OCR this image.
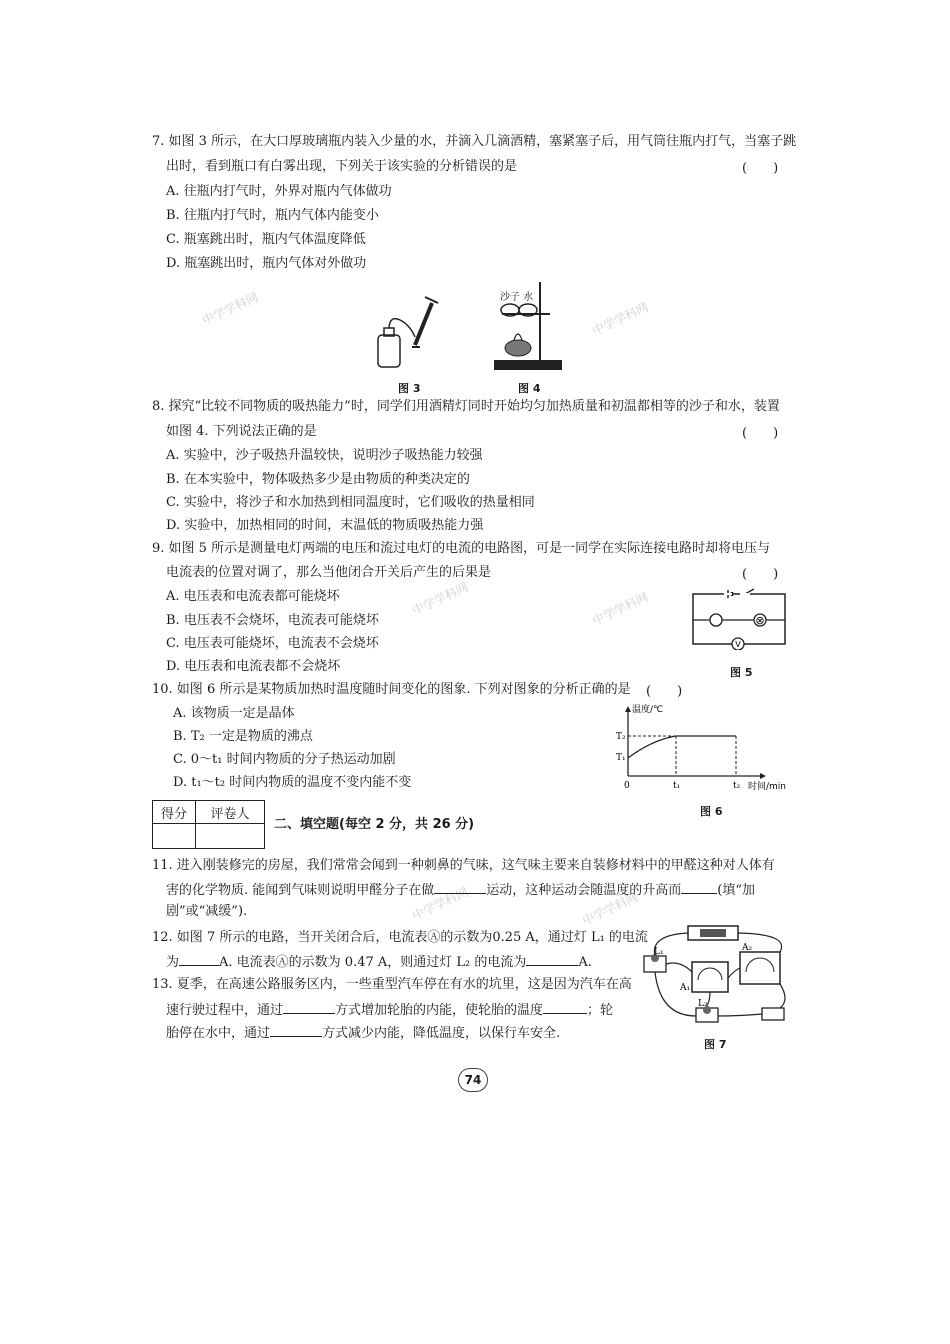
中学学科网	中学学科网
中学学科网	中学学科网
中学学科网	中学学科网
7. 如图 3 所示，在大口厚玻璃瓶内装入少量的水，并滴入几滴酒精，塞紧塞子后，用气筒往瓶内打气，当塞子跳
出时，看到瓶口有白雾出现，下列关于该实验的分析错误的是	(　　)
A. 往瓶内打气时，外界对瓶内气体做功
B. 往瓶内打气时，瓶内气体内能变小
C. 瓶塞跳出时，瓶内气体温度降低
D. 瓶塞跳出时，瓶内气体对外做功
图 3
沙子 水
图 4
8. 探究“比较不同物质的吸热能力”时，同学们用酒精灯同时开始均匀加热质量和初温都相等的沙子和水，装置
如图 4. 下列说法正确的是	(　　)
A. 实验中，沙子吸热升温较快，说明沙子吸热能力较强
B. 在本实验中，物体吸热多少是由物质的种类决定的
C. 实验中，将沙子和水加热到相同温度时，它们吸收的热量相同
D. 实验中，加热相同的时间，末温低的物质吸热能力强
9. 如图 5 所示是测量电灯两端的电压和流过电灯的电流的电路图，可是一同学在实际连接电路时却将电压与
电流表的位置对调了，那么当他闭合开关后产生的后果是	(　　)
A. 电压表和电流表都可能烧坏
B. 电压表不会烧坏，电流表可能烧坏
C. 电压表可能烧坏，电流表不会烧坏
D. 电压表和电流表都不会烧坏
⊗
V
图 5
10. 如图 6 所示是某物质加热时温度随时间变化的图象. 下列对图象的分析正确的是 (　　)
A. 该物质一定是晶体
B. T₂ 一定是物质的沸点
C. 0～t₁ 时间内物质的分子热运动加剧
D. t₁～t₂ 时间内物质的温度不变内能不变
温度/℃
时间/min
T₂
T₁
0	t₁	t₂
图 6
得分	评卷人

二、填空题(每空 2 分，共 26 分)
11. 进入刚装修完的房屋，我们常常会闻到一种刺鼻的气味，这气味主要来自装修材料中的甲醛这种对人体有
害的化学物质. 能闻到气味则说明甲醛分子在做	运动，这种运动会随温度的升高而	(填“加
剧”或“减缓”).
12. 如图 7 所示的电路，当开关闭合后，电流表Ⓐ的示数为0.25 A，通过灯 L₁ 的电流
为	A. 电流表Ⓐ的示数为 0.47 A，则通过灯 L₂ 的电流为	A.
13. 夏季，在高速公路服务区内，一些重型汽车停在有水的坑里，这是因为汽车在高
速行驶过程中，通过	方式增加轮胎的内能，使轮胎的温度	；轮
胎停在水中，通过	方式减少内能，降低温度，以保行车安全.
L₁
A₁
A₂
L₂
图 7
74
